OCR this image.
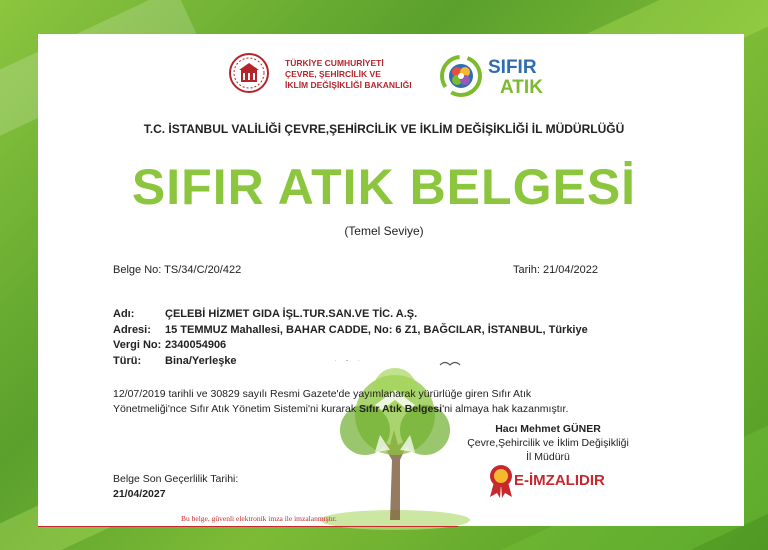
TÜRKİYE CUMHURİYETİ
ÇEVRE, ŞEHİRCİLİK VE
İKLİM DEĞİŞİKLİĞİ BAKANLIĞI
SIFIR
ATIK
T.C. İSTANBUL VALİLİĞİ ÇEVRE,ŞEHİRCİLİK VE İKLİM DEĞİŞİKLİĞİ İL MÜDÜRLÜĞÜ
SIFIR ATIK BELGESİ
(Temel Seviye)
Belge No: TS/34/C/20/422	Tarih: 21/04/2022
Adı:	ÇELEBİ HİZMET GIDA İŞL.TUR.SAN.VE TİC. A.Ş.
Adresi:	15 TEMMUZ Mahallesi, BAHAR CADDE, No: 6 Z1, BAĞCILAR, İSTANBUL, Türkiye
Vergi No: 2340054906
Türü:	Bina/Yerleşke
12/07/2019 tarihli ve 30829 sayılı Resmi Gazete'de yayımlanarak yürürlüğe giren Sıfır Atık
Yönetmeliği'nce Sıfır Atık Yönetim Sistemi'ni kurarak Sıfır Atık Belgesi'ni almaya hak kazanmıştır.
Hacı Mehmet GÜNER
Çevre,Şehircilik ve İklim Değişikliği
İl Müdürü
Belge Son Geçerlilik Tarihi:
21/04/2027
E-İMZALIDIR
Bu belge, güvenli elektronik imza ile imzalanmıştır.
